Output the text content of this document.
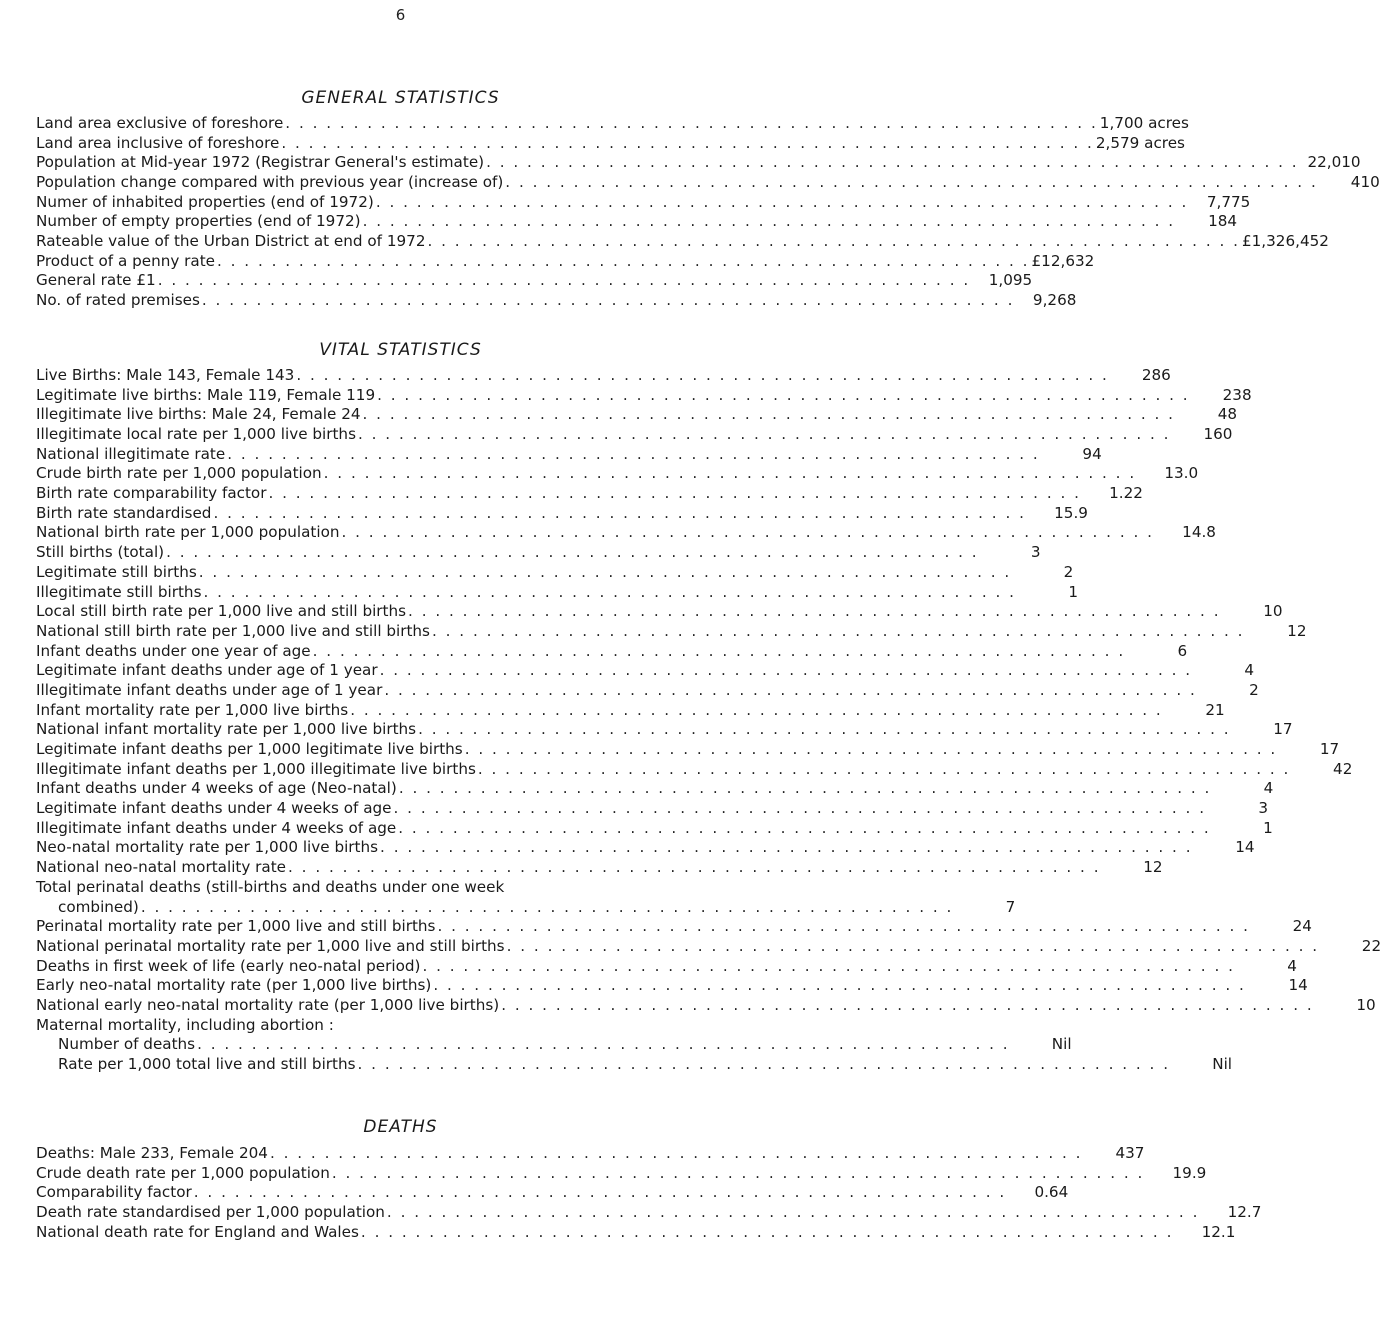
6
GENERAL STATISTICS
Land area exclusive of foreshore . . . . . . . . . . . . . . . . . . . . . . . . . . . . . . . . . . . . . . . . . . . . . . . . . . . . . . . . . . . . 1,700 acres
Land area inclusive of foreshore . . . . . . . . . . . . . . . . . . . . . . . . . . . . . . . . . . . . . . . . . . . . . . . . . . . . . . . . . . . . 2,579 acres
Population at Mid-year 1972 (Registrar General's estimate) . . . . . . . . . . . . . . . . . . . . . . . . . . . . . . . . . . . . . . . . . . . . . . . . . . . . . . . . . . . . 22,010
Population change compared with previous year (increase of) . . . . . . . . . . . . . . . . . . . . . . . . . . . . . . . . . . . . . . . . . . . . . . . . . . . . . . . . . . . .	410
Numer of inhabited properties (end of 1972) . . . . . . . . . . . . . . . . . . . . . . . . . . . . . . . . . . . . . . . . . . . . . . . . . . . . . . . . . . . .	7,775
Number of empty properties (end of 1972) . . . . . . . . . . . . . . . . . . . . . . . . . . . . . . . . . . . . . . . . . . . . . . . . . . . . . . . . . . . .	184
Rateable value of the Urban District at end of 1972 . . . . . . . . . . . . . . . . . . . . . . . . . . . . . . . . . . . . . . . . . . . . . . . . . . . . . . . . . . . . £1,326,452
Product of a penny rate . . . . . . . . . . . . . . . . . . . . . . . . . . . . . . . . . . . . . . . . . . . . . . . . . . . . . . . . . . . . £12,632
General rate £1 . . . . . . . . . . . . . . . . . . . . . . . . . . . . . . . . . . . . . . . . . . . . . . . . . . . . . . . . . . . .	1,095
No. of rated premises . . . . . . . . . . . . . . . . . . . . . . . . . . . . . . . . . . . . . . . . . . . . . . . . . . . . . . . . . . . .	9,268
VITAL STATISTICS
Live Births: Male 143, Female 143 . . . . . . . . . . . . . . . . . . . . . . . . . . . . . . . . . . . . . . . . . . . . . . . . . . . . . . . . . . . .	286
Legitimate live births: Male 119, Female 119 . . . . . . . . . . . . . . . . . . . . . . . . . . . . . . . . . . . . . . . . . . . . . . . . . . . . . . . . . . . .	238
Illegitimate live births: Male 24, Female 24 . . . . . . . . . . . . . . . . . . . . . . . . . . . . . . . . . . . . . . . . . . . . . . . . . . . . . . . . . . . .	48
Illegitimate local rate per 1,000 live births . . . . . . . . . . . . . . . . . . . . . . . . . . . . . . . . . . . . . . . . . . . . . . . . . . . . . . . . . . . .	160
National illegitimate rate . . . . . . . . . . . . . . . . . . . . . . . . . . . . . . . . . . . . . . . . . . . . . . . . . . . . . . . . . . . .	94
Crude birth rate per 1,000 population . . . . . . . . . . . . . . . . . . . . . . . . . . . . . . . . . . . . . . . . . . . . . . . . . . . . . . . . . . . .	13.0
Birth rate comparability factor . . . . . . . . . . . . . . . . . . . . . . . . . . . . . . . . . . . . . . . . . . . . . . . . . . . . . . . . . . . .	1.22
Birth rate standardised . . . . . . . . . . . . . . . . . . . . . . . . . . . . . . . . . . . . . . . . . . . . . . . . . . . . . . . . . . . .	15.9
National birth rate per 1,000 population . . . . . . . . . . . . . . . . . . . . . . . . . . . . . . . . . . . . . . . . . . . . . . . . . . . . . . . . . . . .	14.8
Still births (total) . . . . . . . . . . . . . . . . . . . . . . . . . . . . . . . . . . . . . . . . . . . . . . . . . . . . . . . . . . . .	3
Legitimate still births . . . . . . . . . . . . . . . . . . . . . . . . . . . . . . . . . . . . . . . . . . . . . . . . . . . . . . . . . . . .	2
Illegitimate still births . . . . . . . . . . . . . . . . . . . . . . . . . . . . . . . . . . . . . . . . . . . . . . . . . . . . . . . . . . . .	1
Local still birth rate per 1,000 live and still births . . . . . . . . . . . . . . . . . . . . . . . . . . . . . . . . . . . . . . . . . . . . . . . . . . . . . . . . . . . .	10
National still birth rate per 1,000 live and still births . . . . . . . . . . . . . . . . . . . . . . . . . . . . . . . . . . . . . . . . . . . . . . . . . . . . . . . . . . . .	12
Infant deaths under one year of age . . . . . . . . . . . . . . . . . . . . . . . . . . . . . . . . . . . . . . . . . . . . . . . . . . . . . . . . . . . .	6
Legitimate infant deaths under age of 1 year . . . . . . . . . . . . . . . . . . . . . . . . . . . . . . . . . . . . . . . . . . . . . . . . . . . . . . . . . . . .	4
Illegitimate infant deaths under age of 1 year . . . . . . . . . . . . . . . . . . . . . . . . . . . . . . . . . . . . . . . . . . . . . . . . . . . . . . . . . . . .	2
Infant mortality rate per 1,000 live births . . . . . . . . . . . . . . . . . . . . . . . . . . . . . . . . . . . . . . . . . . . . . . . . . . . . . . . . . . . .	21
National infant mortality rate per 1,000 live births . . . . . . . . . . . . . . . . . . . . . . . . . . . . . . . . . . . . . . . . . . . . . . . . . . . . . . . . . . . .	17
Legitimate infant deaths per 1,000 legitimate live births . . . . . . . . . . . . . . . . . . . . . . . . . . . . . . . . . . . . . . . . . . . . . . . . . . . . . . . . . . . .	17
Illegitimate infant deaths per 1,000 illegitimate live births . . . . . . . . . . . . . . . . . . . . . . . . . . . . . . . . . . . . . . . . . . . . . . . . . . . . . . . . . . . .	42
Infant deaths under 4 weeks of age (Neo-natal) . . . . . . . . . . . . . . . . . . . . . . . . . . . . . . . . . . . . . . . . . . . . . . . . . . . . . . . . . . . .	4
Legitimate infant deaths under 4 weeks of age . . . . . . . . . . . . . . . . . . . . . . . . . . . . . . . . . . . . . . . . . . . . . . . . . . . . . . . . . . . .	3
Illegitimate infant deaths under 4 weeks of age . . . . . . . . . . . . . . . . . . . . . . . . . . . . . . . . . . . . . . . . . . . . . . . . . . . . . . . . . . . .	1
Neo-natal mortality rate per 1,000 live births . . . . . . . . . . . . . . . . . . . . . . . . . . . . . . . . . . . . . . . . . . . . . . . . . . . . . . . . . . . .	14
National neo-natal mortality rate . . . . . . . . . . . . . . . . . . . . . . . . . . . . . . . . . . . . . . . . . . . . . . . . . . . . . . . . . . . .	12
Total perinatal deaths (still-births and deaths under one week
combined) . . . . . . . . . . . . . . . . . . . . . . . . . . . . . . . . . . . . . . . . . . . . . . . . . . . . . . . . . . . .	7
Perinatal mortality rate per 1,000 live and still births . . . . . . . . . . . . . . . . . . . . . . . . . . . . . . . . . . . . . . . . . . . . . . . . . . . . . . . . . . . .	24
National perinatal mortality rate per 1,000 live and still births . . . . . . . . . . . . . . . . . . . . . . . . . . . . . . . . . . . . . . . . . . . . . . . . . . . . . . . . . . . .	22
Deaths in first week of life (early neo-natal period) . . . . . . . . . . . . . . . . . . . . . . . . . . . . . . . . . . . . . . . . . . . . . . . . . . . . . . . . . . . .	4
Early neo-natal mortality rate (per 1,000 live births) . . . . . . . . . . . . . . . . . . . . . . . . . . . . . . . . . . . . . . . . . . . . . . . . . . . . . . . . . . . .	14
National early neo-natal mortality rate (per 1,000 live births) . . . . . . . . . . . . . . . . . . . . . . . . . . . . . . . . . . . . . . . . . . . . . . . . . . . . . . . . . . . .	10
Maternal mortality, including abortion :
Number of deaths . . . . . . . . . . . . . . . . . . . . . . . . . . . . . . . . . . . . . . . . . . . . . . . . . . . . . . . . . . . .	Nil
Rate per 1,000 total live and still births . . . . . . . . . . . . . . . . . . . . . . . . . . . . . . . . . . . . . . . . . . . . . . . . . . . . . . . . . . . .	Nil
DEATHS
Deaths: Male 233, Female 204 . . . . . . . . . . . . . . . . . . . . . . . . . . . . . . . . . . . . . . . . . . . . . . . . . . . . . . . . . . . .	437
Crude death rate per 1,000 population . . . . . . . . . . . . . . . . . . . . . . . . . . . . . . . . . . . . . . . . . . . . . . . . . . . . . . . . . . . .	19.9
Comparability factor . . . . . . . . . . . . . . . . . . . . . . . . . . . . . . . . . . . . . . . . . . . . . . . . . . . . . . . . . . . .	0.64
Death rate standardised per 1,000 population . . . . . . . . . . . . . . . . . . . . . . . . . . . . . . . . . . . . . . . . . . . . . . . . . . . . . . . . . . . .	12.7
National death rate for England and Wales . . . . . . . . . . . . . . . . . . . . . . . . . . . . . . . . . . . . . . . . . . . . . . . . . . . . . . . . . . . .	12.1
